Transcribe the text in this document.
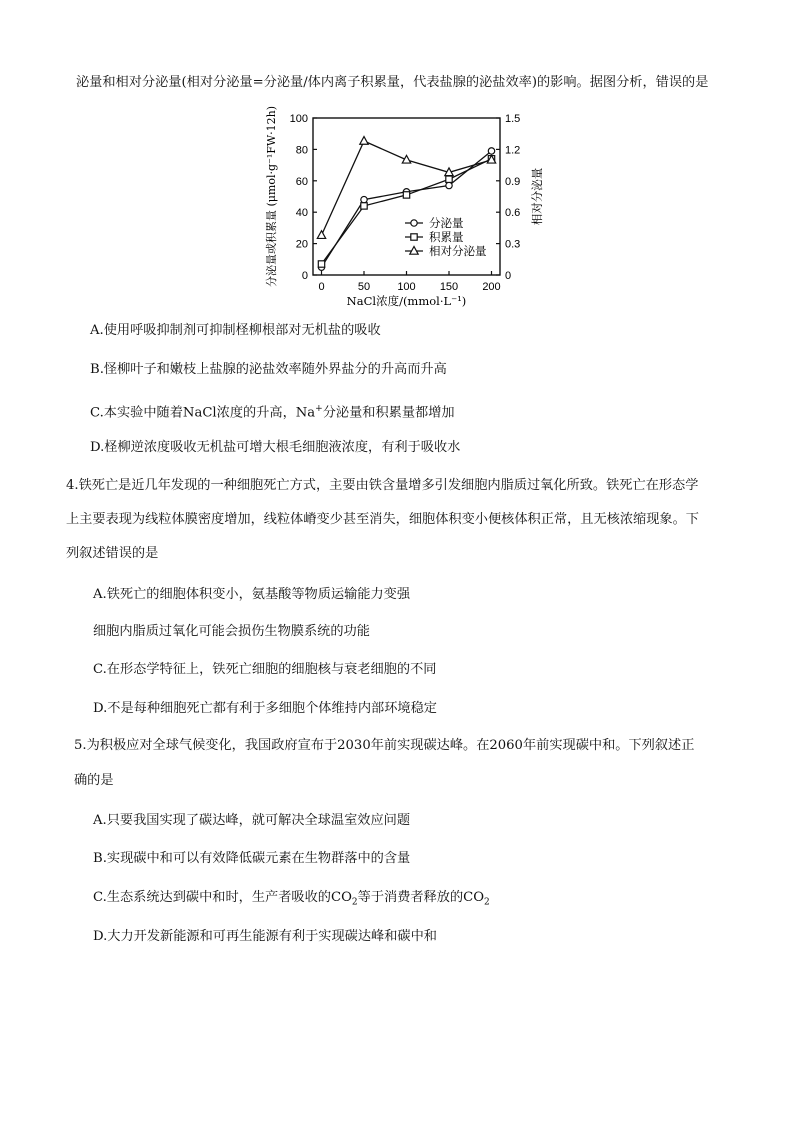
泌量和相对分泌量(相对分泌量=分泌量/体内离子积累量，代表盐腺的泌盐效率)的影响。据图分析，错误的是
0
20
40
60
80
100
0
0.3
0.6
0.9
1.2
1.5
0	50 100 150 200
NaCl浓度/(mmol·L⁻¹)
分泌量或积累量 (μmol·g⁻¹FW·12h)	相对分泌量
分泌量
积累量
相对分泌量
A.使用呼吸抑制剂可抑制柽柳根部对无机盐的吸收
B.怪柳叶子和嫩枝上盐腺的泌盐效率随外界盐分的升高而升高
C.本实验中随着NaCl浓度的升高，Na+分泌量和积累量都增加
D.柽柳逆浓度吸收无机盐可增大根毛细胞液浓度，有利于吸收水
4.铁死亡是近几年发现的一种细胞死亡方式，主要由铁含量增多引发细胞内脂质过氧化所致。铁死亡在形态学
上主要表现为线粒体膜密度增加，线粒体嵴变少甚至消失，细胞体积变小便核体积正常，且无核浓缩现象。下
列叙述错误的是
A.铁死亡的细胞体积变小，氨基酸等物质运输能力变强
细胞内脂质过氧化可能会损伤生物膜系统的功能
C.在形态学特征上，铁死亡细胞的细胞核与衰老细胞的不同
D.不是每种细胞死亡都有利于多细胞个体维持内部环境稳定
5.为积极应对全球气候变化，我国政府宣布于2030年前实现碳达峰。在2060年前实现碳中和。下列叙述正
确的是
A.只要我国实现了碳达峰，就可解决全球温室效应问题
B.实现碳中和可以有效降低碳元素在生物群落中的含量
C.生态系统达到碳中和时，生产者吸收的$CO_2$等于消费者释放的$CO_2$
D.大力开发新能源和可再生能源有利于实现碳达峰和碳中和
